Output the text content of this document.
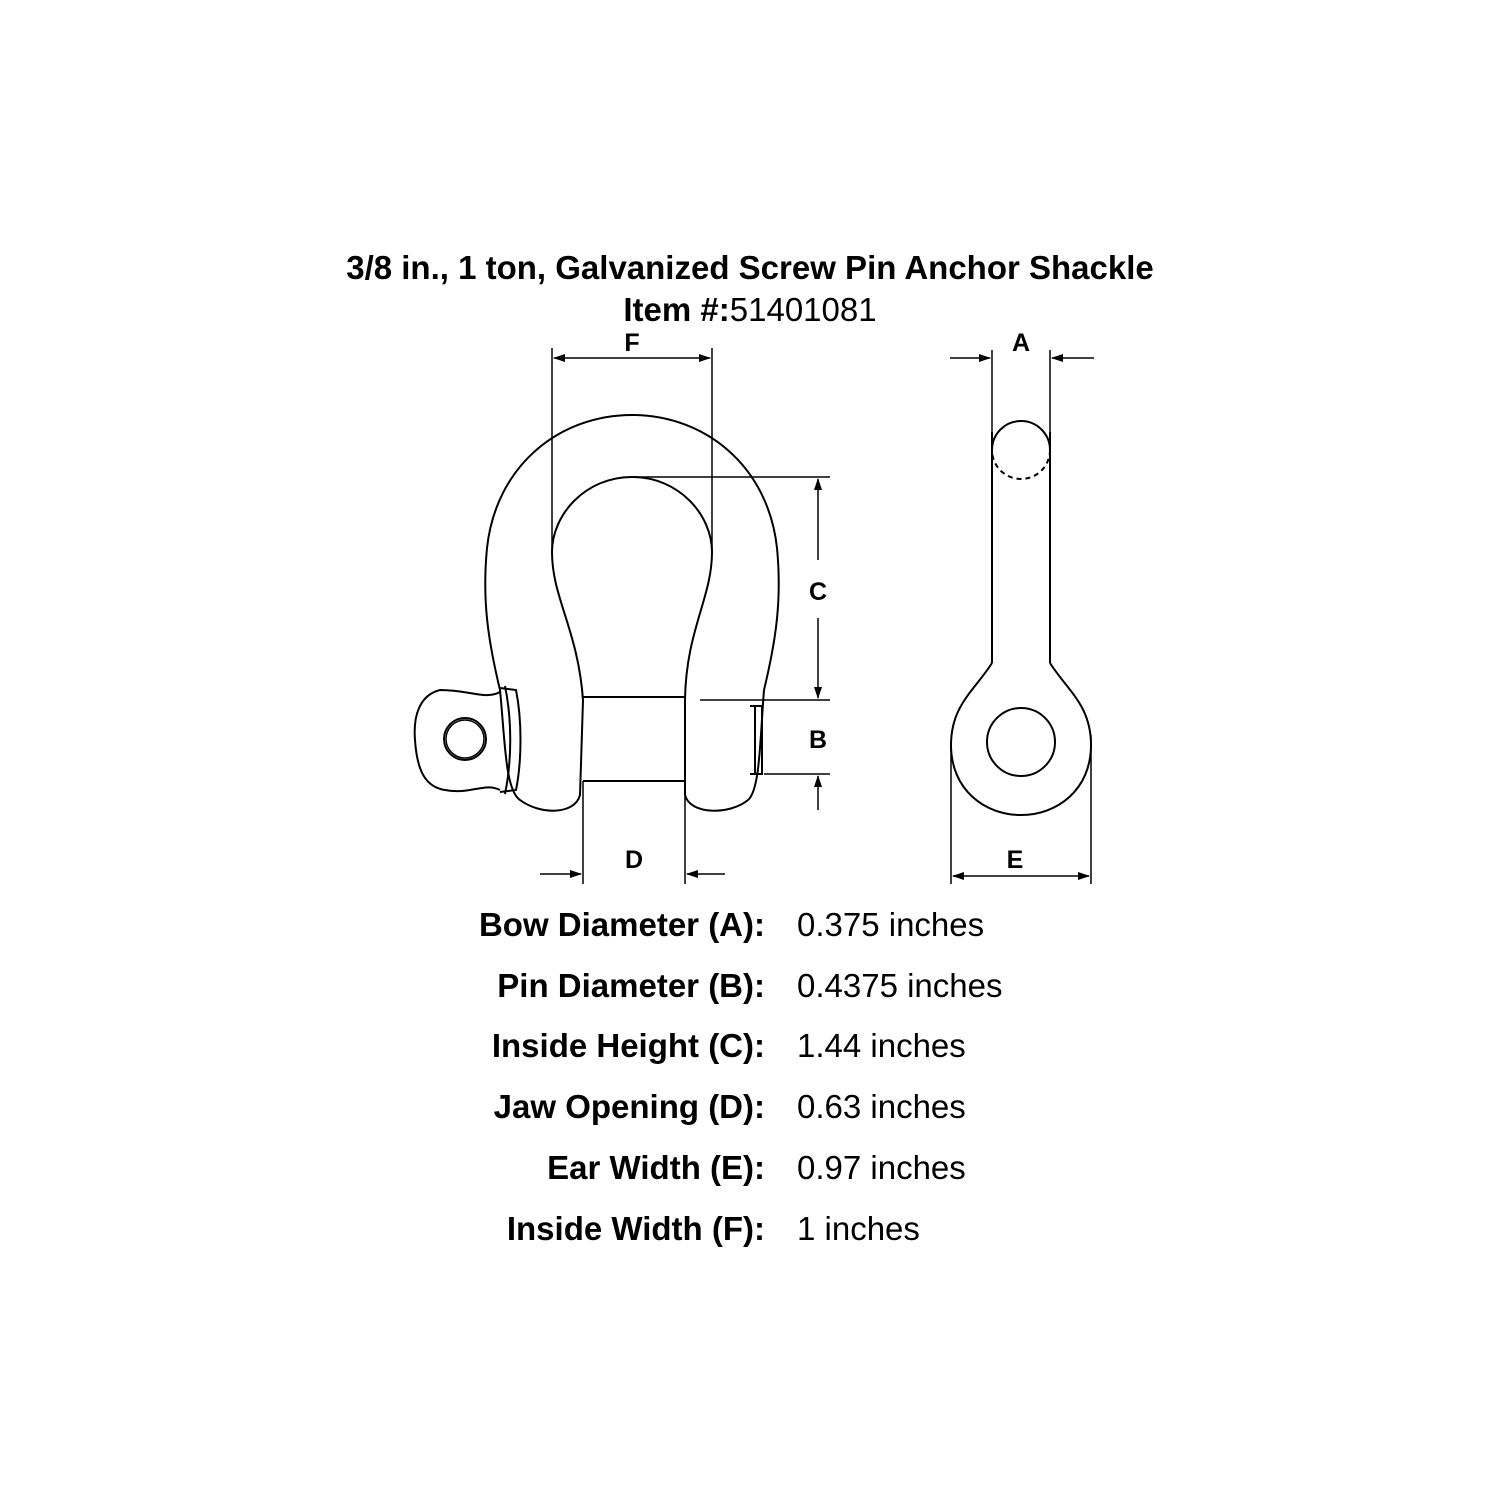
3/8 in., 1 ton, Galvanized Screw Pin Anchor Shackle
Item #:51401081
F	A
C
B
D	E
Bow Diameter (A): 0.375 inches
Pin Diameter (B): 0.4375 inches
Inside Height (C): 1.44 inches
Jaw Opening (D): 0.63 inches
Ear Width (E): 0.97 inches
Inside Width (F): 1 inches
